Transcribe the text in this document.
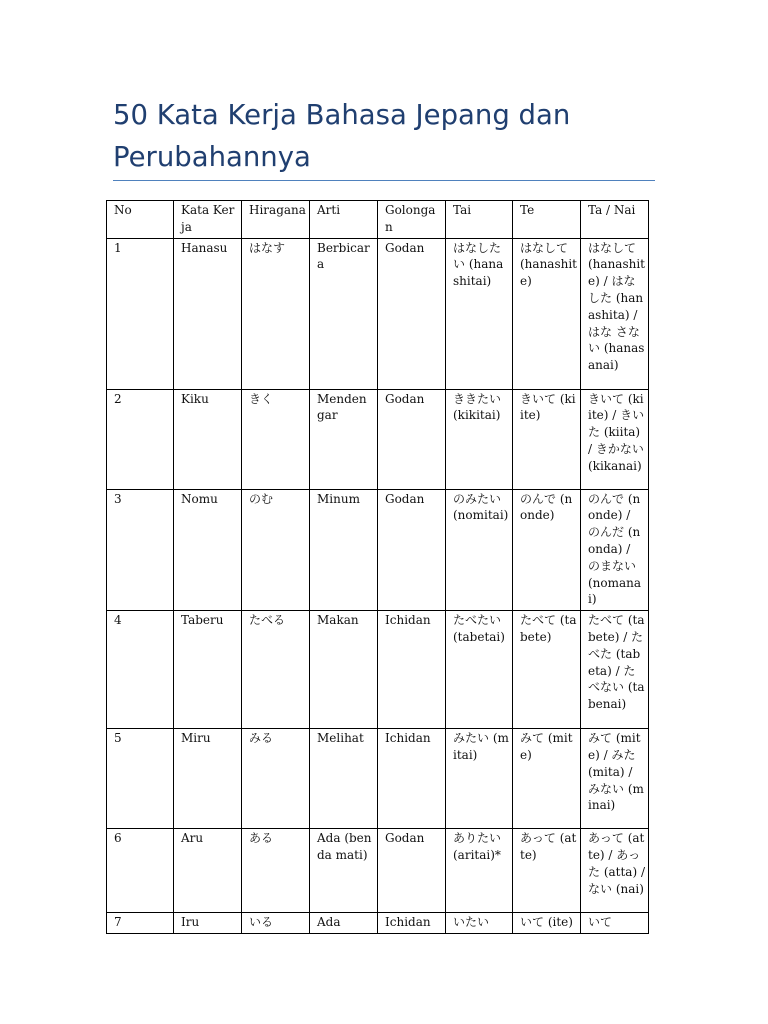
50 Kata Kerja Bahasa Jepang dan Perubahannya
No	Kata Kerja	Hiragana	Arti	Golongan	Tai	Te	Ta / Nai
1	Hanasu	はなす	Berbicara	Godan	はなしたい (hanashitai)	はなして (hanashite)	はなして (hanashite) / はな した (hanashita) / はな さない (hanasanai)
2	Kiku	きく	Mendengar	Godan	ききたい (kikitai)	きいて (kiite)	きいて (kiite) / きいた (kiita) / きかない (kikanai)
3	Nomu	のむ	Minum	Godan	のみたい (nomitai)	のんで (nonde)	のんで (nonde) / のんだ (nonda) / のまない (nomanai)
4	Taberu	たべる	Makan	Ichidan	たべたい (tabetai)	たべて (tabete)	たべて (tabete) / たべた (tabeta) / たべない (tabenai)
5	Miru	みる	Melihat	Ichidan	みたい (mitai)	みて (mite)	みて (mite) / みた (mita) / みない (minai)
6	Aru	ある	Ada (benda mati)	Godan	ありたい (aritai)*	あって (atte)	あって (atte) / あった (atta) / ない (nai)
7	Iru	いる	Ada	Ichidan	いたい	いて (ite)	いて
